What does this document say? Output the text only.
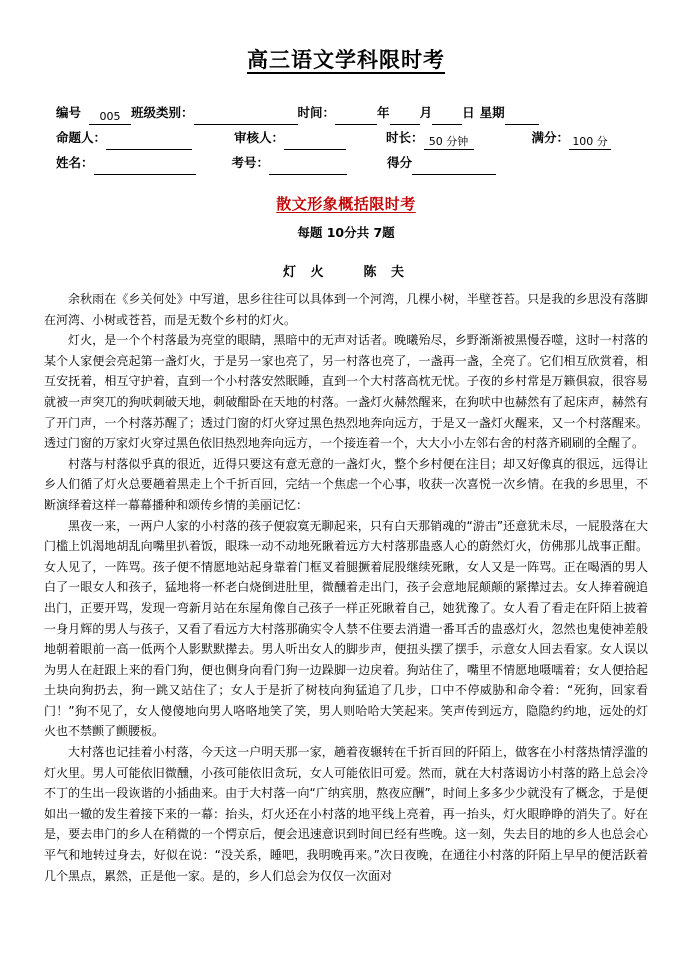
高三语文学科限时考
编号	005 班级类别：	时间：	年 月 日 星期
命题人：	审核人：	时长： 50 分钟	满分： 100 分
姓名：	考号：	得分
散文形象概括限时考
每题 10分共 7题
灯 火	陈 夫

余秋雨在《乡关何处》中写道，思乡往往可以具体到一个河湾，几棵小树，半壁苍苔。只是我的乡思没有落脚在河湾、小树或苍苔，而是无数个乡村的灯火。

灯火，是一个个村落最为亮堂的眼睛，黑暗中的无声对话者。晚曦殆尽，乡野渐渐被黑慢吞噬，这时一村落的某个人家便会亮起第一盏灯火，于是另一家也亮了，另一村落也亮了，一盏再一盏，全亮了。它们相互欣赏着，相互安抚着，相互守护着，直到一个小村落安然眠睡，直到一个大村落高枕无忧。子夜的乡村常是万籁俱寂，很容易就被一声突兀的狗吠刺破天地，刺破酣卧在天地的村落。一盏灯火赫然醒来，在狗吠中也赫然有了起床声，赫然有了开门声，一个村落苏醒了；透过门窗的灯火穿过黑色热烈地奔向远方，于是又一盏灯火醒来，又一个村落醒来。透过门窗的万家灯火穿过黑色依旧热烈地奔向远方，一个接连着一个，大大小小左邻右舍的村落齐刷刷的全醒了。

村落与村落似乎真的很近，近得只要这有意无意的一盏灯火，整个乡村便在注目；却又好像真的很远，远得让乡人们循了灯火总要趟着黑走上个千折百回，完结一个焦虑一个心事，收获一次喜悦一次乡情。在我的乡思里，不断演绎着这样一幕幕播种和颂传乡情的美丽记忆：

黑夜一来，一两户人家的小村落的孩子便寂寞无聊起来，只有白天那销魂的“游击”还意犹未尽，一屁股落在大门槛上饥渴地胡乱向嘴里扒着饭，眼珠一动不动地死瞅着远方大村落那蛊惑人心的蔚然灯火，仿佛那儿战事正酣。女人见了，一阵骂。孩子便不情愿地站起身靠着门框叉着腿撅着屁股继续死瞅，女人又是一阵骂。正在喝酒的男人白了一眼女人和孩子，猛地将一杯老白烧倒进肚里，微醺着走出门，孩子会意地屁颠颠的紧撵过去。女人捧着碗追出门，正要开骂，发现一弯新月站在东屋角像自己孩子一样正死瞅着自己，她犹豫了。女人看了看走在阡陌上披着一身月辉的男人与孩子，又看了看远方大村落那确实令人禁不住要去消遣一番耳舌的蛊惑灯火，忽然也鬼使神差般地朝着眼前一高一低两个人影默默撵去。男人听出女人的脚步声，便扭头摆了摆手，示意女人回去看家。女人误以为男人在赶跟上来的看门狗，便也侧身向看门狗一边跺脚一边戾着。狗站住了，嘴里不情愿地嗫嚅着；女人便拾起土块向狗扔去，狗一跳又站住了；女人于是折了树枝向狗猛追了几步，口中不停威胁和命令着：“死狗，回家看门！”狗不见了，女人傻傻地向男人咯咯地笑了笑，男人则哈哈大笑起来。笑声传到远方，隐隐约约地，远处的灯火也不禁颤了颤腰板。

大村落也记挂着小村落，今天这一户明天那一家，趟着夜辗转在千折百回的阡陌上，做客在小村落热情浮滥的灯火里。男人可能依旧微醺，小孩可能依旧贪玩，女人可能依旧可爱。然而，就在大村落谒访小村落的路上总会冷不丁的生出一段诙谐的小插曲来。由于大村落一向“广纳宾朋，熬夜应酬”，时间上多多少少就没有了概念，于是便如出一辙的发生着接下来的一幕：抬头，灯火还在小村落的地平线上亮着，再一抬头，灯火眼睁睁的消失了。好在是，要去串门的乡人在稍微的一个愕京后，便会迅速意识到时间已经有些晚。这一刻，失去目的地的乡人也总会心平气和地转过身去，好似在说：“没关系，睡吧，我明晚再来。”次日夜晚，在通往小村落的阡陌上早早的便活跃着几个黑点，累然，正是他一家。是的，乡人们总会为仅仅一次面对
